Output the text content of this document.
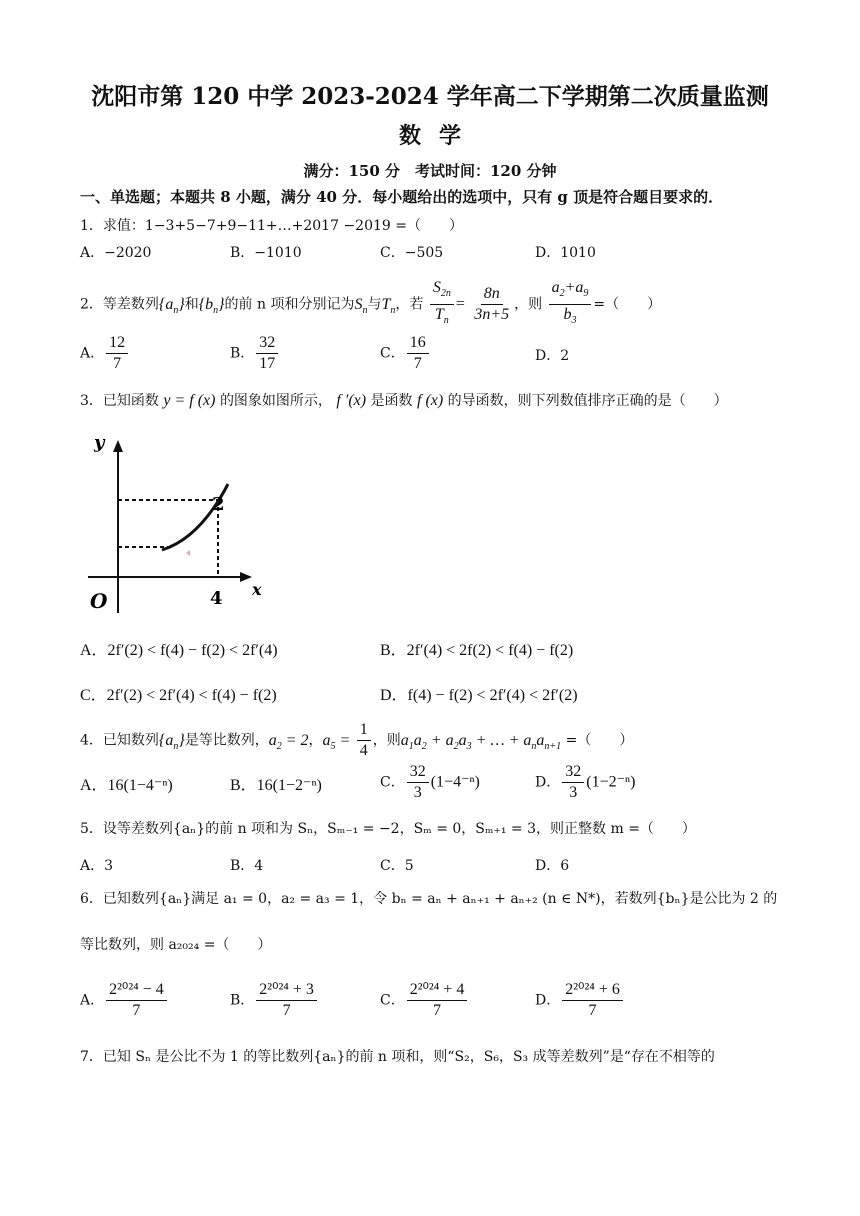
沈阳市第 120 中学 2023-2024 学年高二下学期第二次质量监测
数学
满分：150 分　考试时间：120 分钟
一、单选题；本题共 8 小题，满分 40 分．每小题给出的选项中，只有 g 顶是符合题目要求的．
1．求值：1−3+5−7+9−11+…+2017 −2019 =（　　）
A．−2020	B．−1010	C．−505	D．1010
2．等差数列$\{a_n\}$和$\{b_n\}$的前 n 项和分别记为$S_n$与$T_n$，若 $\frac{S_{2n}}{T_n} = \frac{8n}{3n+5}$ ，则 $\frac{a_2+a_9}{b_3}$ =（　　）
A． $\frac{12}{7}$	B． $\frac{32}{17}$	C． $\frac{16}{7}$	D．2
3．已知函数 y = f (x) 的图象如图所示， f ′(x) 是函数 f (x) 的导函数，则下列数值排序正确的是（　　）
y
x
O	4
2
A．2f′(2) < f(4) − f(2) < 2f′(4)	B．2f′(4) < 2f(2) < f(4) − f(2)
C．2f′(2) < 2f′(4) < f(4) − f(2)	D．f(4) − f(2) < 2f′(4) < 2f′(2)
4．已知数列$\{a_n\}$是等比数列，$a_2 = 2$，$a_5 = \frac{1}{4}$ ，则$a_1a_2 + a_2a_3$ + … + $a_na_{n+1}$ =（　　）
A．16(1−4⁻ⁿ)	B．16(1−2⁻ⁿ)	C． $\frac{32}{3} (1-4^{-n})$	D． $\frac{32}{3} (1-2^{-n})$
5．设等差数列{aₙ}的前 n 项和为 Sₙ，Sₘ₋₁ = −2，Sₘ = 0，Sₘ₊₁ = 3，则正整数 m =（　　）
A．3	B．4	C．5	D．6
6．已知数列{aₙ}满足 a₁ = 0，a₂ = a₃ = 1，令 bₙ = aₙ + aₙ₊₁ + aₙ₊₂ (n ∈ N*)，若数列{bₙ}是公比为 2 的
等比数列，则 a₂₀₂₄ =（　　）
A． $\frac{\text{2²⁰²⁴ − 4}}{7}$	B． $\frac{\text{2²⁰²⁴ + 3}}{7}$	C． $\frac{\text{2²⁰²⁴ + 4}}{7}$	D． $\frac{\text{2²⁰²⁴ + 6}}{7}$
7．已知 Sₙ 是公比不为 1 的等比数列{aₙ}的前 n 项和，则“S₂，S₆，S₃ 成等差数列”是“存在不相等的
